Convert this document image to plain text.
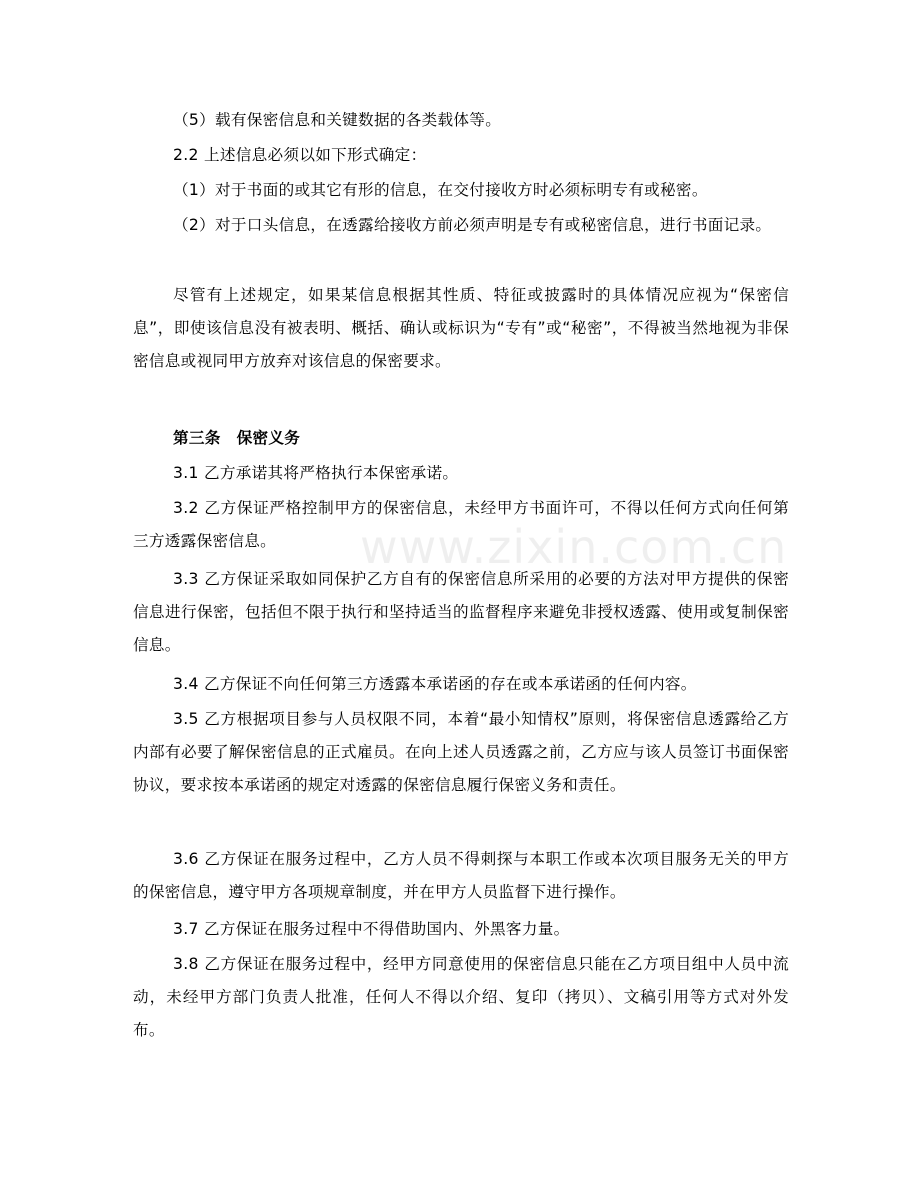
www.zixin.com.cn

（5）载有保密信息和关键数据的各类载体等。

2.2 上述信息必须以如下形式确定：

（1）对于书面的或其它有形的信息，在交付接收方时必须标明专有或秘密。

（2）对于口头信息，在透露给接收方前必须声明是专有或秘密信息，进行书面记录。

尽管有上述规定，如果某信息根据其性质、特征或披露时的具体情况应视为“保密信息”，即使该信息没有被表明、概括、确认或标识为“专有”或“秘密”，不得被当然地视为非保密信息或视同甲方放弃对该信息的保密要求。

第三条　保密义务

3.1 乙方承诺其将严格执行本保密承诺。

3.2 乙方保证严格控制甲方的保密信息，未经甲方书面许可，不得以任何方式向任何第三方透露保密信息。

3.3 乙方保证采取如同保护乙方自有的保密信息所采用的必要的方法对甲方提供的保密信息进行保密，包括但不限于执行和坚持适当的监督程序来避免非授权透露、使用或复制保密信息。

3.4 乙方保证不向任何第三方透露本承诺函的存在或本承诺函的任何内容。

3.5 乙方根据项目参与人员权限不同，本着“最小知情权”原则，将保密信息透露给乙方内部有必要了解保密信息的正式雇员。在向上述人员透露之前，乙方应与该人员签订书面保密协议，要求按本承诺函的规定对透露的保密信息履行保密义务和责任。

3.6 乙方保证在服务过程中，乙方人员不得刺探与本职工作或本次项目服务无关的甲方的保密信息，遵守甲方各项规章制度，并在甲方人员监督下进行操作。

3.7 乙方保证在服务过程中不得借助国内、外黑客力量。

3.8 乙方保证在服务过程中，经甲方同意使用的保密信息只能在乙方项目组中人员中流动，未经甲方部门负责人批准，任何人不得以介绍、复印（拷贝）、文稿引用等方式对外发布。
